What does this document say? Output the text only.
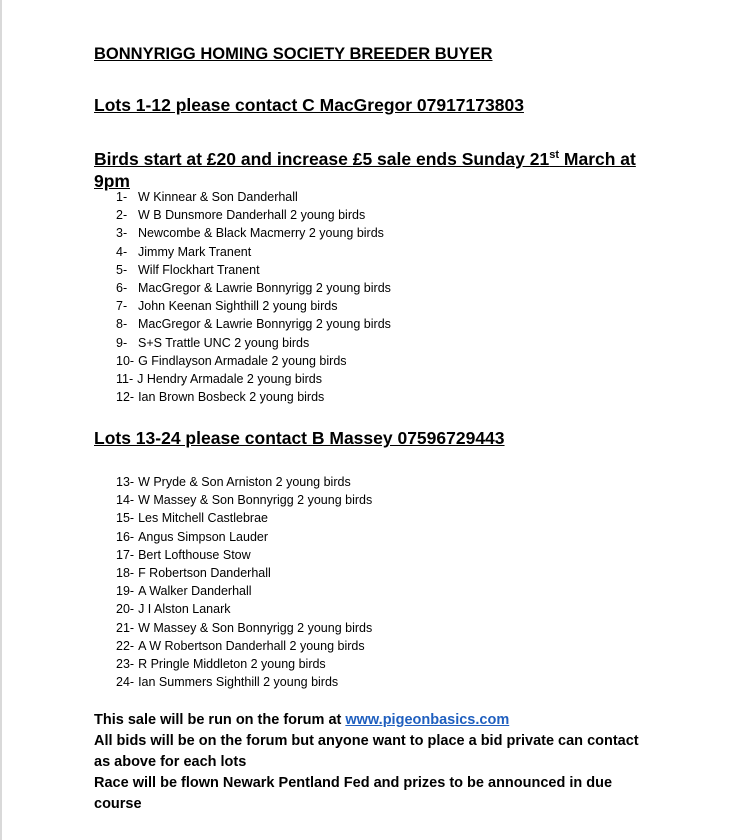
BONNYRIGG HOMING SOCIETY BREEDER BUYER
Lots 1-12 please contact C MacGregor 07917173803
Birds start at £20 and increase £5 sale ends Sunday 21st March at 9pm
1- W Kinnear & Son Danderhall
2- W B Dunsmore Danderhall 2 young birds
3- Newcombe & Black Macmerry 2 young birds
4- Jimmy Mark Tranent
5- Wilf Flockhart Tranent
6- MacGregor & Lawrie Bonnyrigg 2 young birds
7- John Keenan Sighthill 2 young birds
8- MacGregor & Lawrie Bonnyrigg 2 young birds
9- S+S Trattle UNC 2 young birds
10- G Findlayson Armadale 2 young birds
11- J Hendry Armadale 2 young birds
12- Ian Brown Bosbeck 2 young birds
Lots 13-24 please contact B Massey 07596729443
13- W Pryde & Son Arniston 2 young birds
14- W Massey & Son Bonnyrigg 2 young birds
15- Les Mitchell Castlebrae
16- Angus Simpson Lauder
17- Bert Lofthouse Stow
18- F Robertson Danderhall
19- A Walker Danderhall
20- J I Alston Lanark
21- W Massey & Son Bonnyrigg 2 young birds
22- A W Robertson Danderhall 2 young birds
23- R Pringle Middleton 2 young birds
24- Ian Summers Sighthill 2 young birds

This sale will be run on the forum at www.pigeonbasics.com

All bids will be on the forum but anyone want to place a bid private can contact as above for each lots

Race will be flown Newark Pentland Fed and prizes to be announced in due course
